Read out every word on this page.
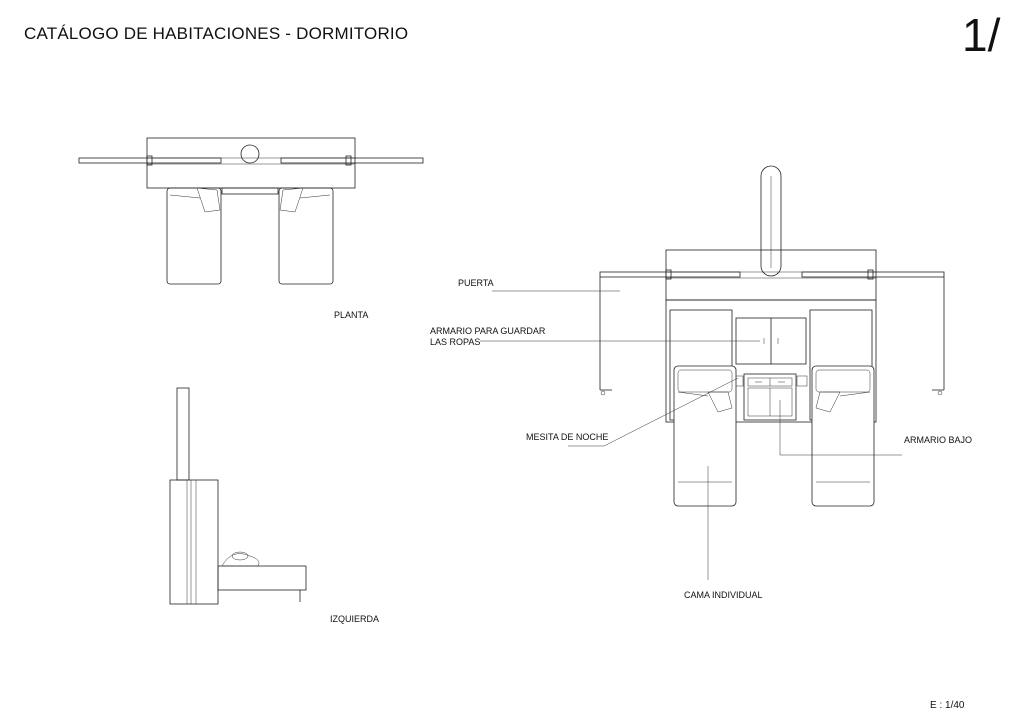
CATÁLOGO DE HABITACIONES - DORMITORIO	1/
PLANTA
IZQUIERDA
PUERTA
ARMARIO PARA GUARDAR
LAS ROPAS
MESITA DE NOCHE	ARMARIO BAJO
CAMA INDIVIDUAL
E : 1/40
